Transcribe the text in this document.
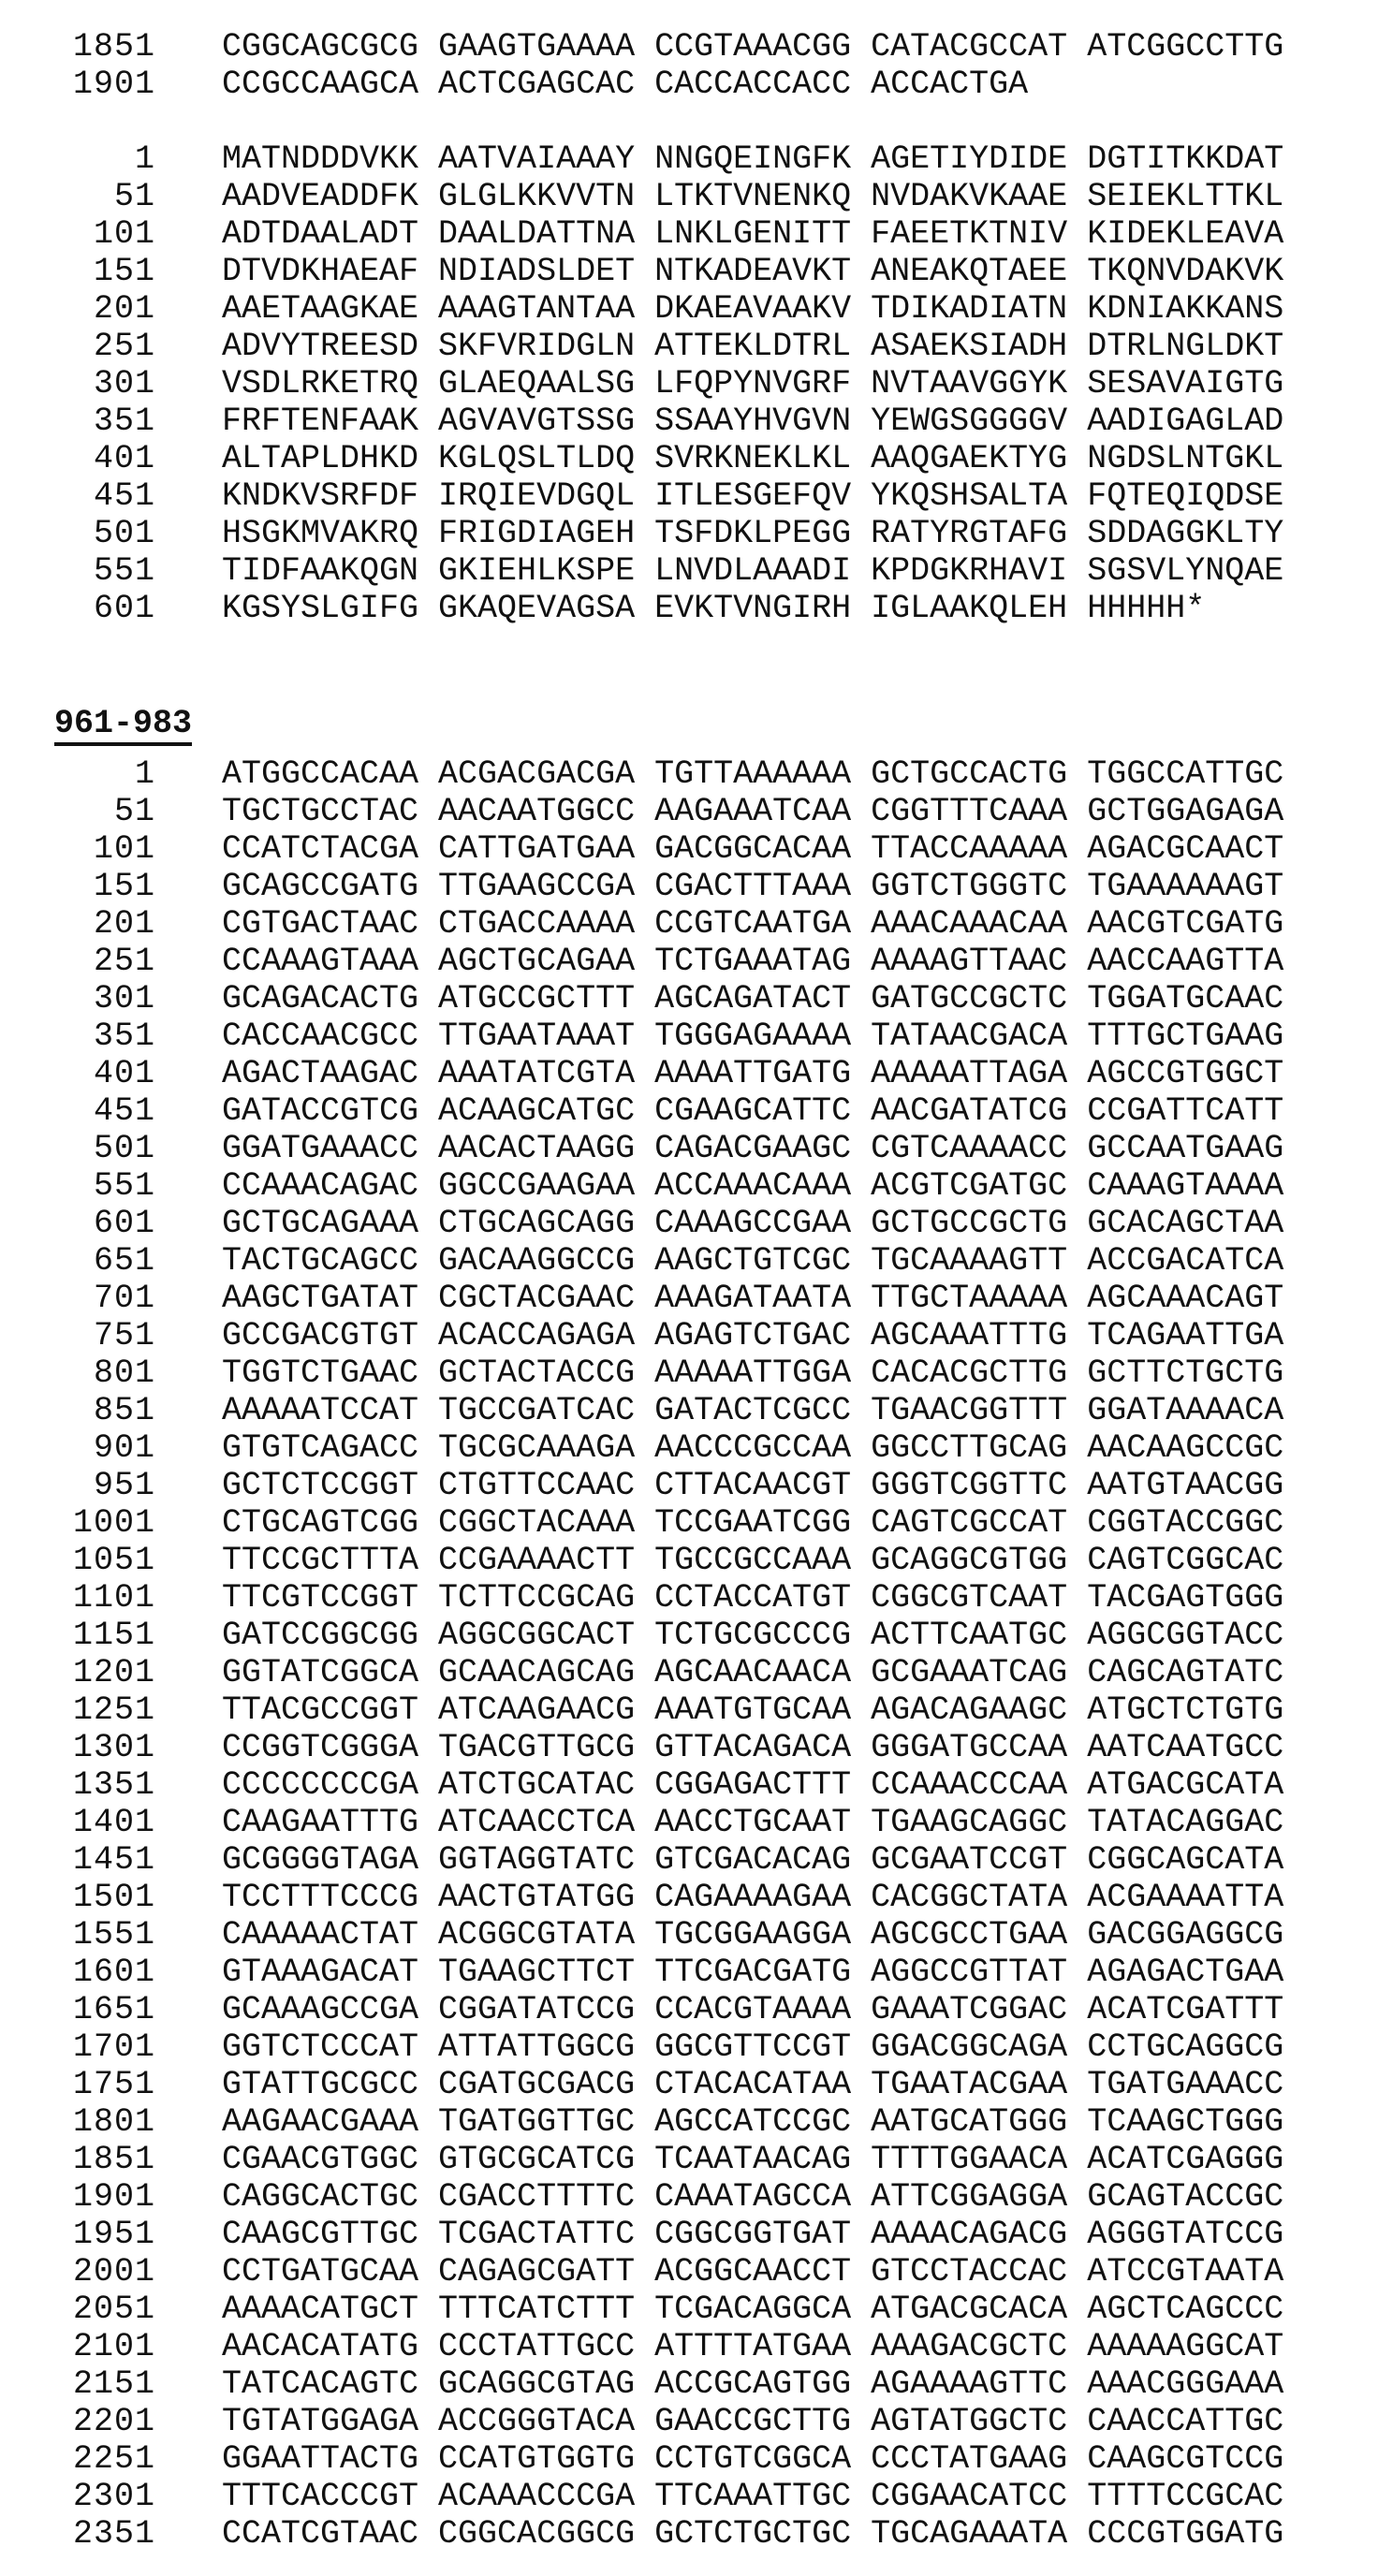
1851 CGGCAGCGCG GAAGTGAAAA CCGTAAACGG CATACGCCAT ATCGGCCTTG
1901 CCGCCAAGCA ACTCGAGCAC CACCACCACC ACCACTGA
1 MATNDDDVKK AATVAIAAAY NNGQEINGFK AGETIYDIDE DGTITKKDAT
51 AADVEADDFK GLGLKKVVTN LTKTVNENKQ NVDAKVKAAE SEIEKLTTKL
101 ADTDAALADT DAALDATTNA LNKLGENITT FAEETKTNIV KIDEKLEAVA
151 DTVDKHAEAF NDIADSLDET NTKADEAVKT ANEAKQTAEE TKQNVDAKVK
201 AAETAAGKAE AAAGTANTAA DKAEAVAAKV TDIKADIATN KDNIAKKANS
251 ADVYTREESD SKFVRIDGLN ATTEKLDTRL ASAEKSIADH DTRLNGLDKT
301 VSDLRKETRQ GLAEQAALSG LFQPYNVGRF NVTAAVGGYK SESAVAIGTG
351 FRFTENFAAK AGVAVGTSSG SSAAYHVGVN YEWGSGGGGV AADIGAGLAD
401 ALTAPLDHKD KGLQSLTLDQ SVRKNEKLKL AAQGAEKTYG NGDSLNTGKL
451 KNDKVSRFDF IRQIEVDGQL ITLESGEFQV YKQSHSALTA FQTEQIQDSE
501 HSGKMVAKRQ FRIGDIAGEH TSFDKLPEGG RATYRGTAFG SDDAGGKLTY
551 TIDFAAKQGN GKIEHLKSPE LNVDLAAADI KPDGKRHAVI SGSVLYNQAE
601 KGSYSLGIFG GKAQEVAGSA EVKTVNGIRH IGLAAKQLEH HHHHH*
961-983
1 ATGGCCACAA ACGACGACGA TGTTAAAAAA GCTGCCACTG TGGCCATTGC
51 TGCTGCCTAC AACAATGGCC AAGAAATCAA CGGTTTCAAA GCTGGAGAGA
101 CCATCTACGA CATTGATGAA GACGGCACAA TTACCAAAAA AGACGCAACT
151 GCAGCCGATG TTGAAGCCGA CGACTTTAAA GGTCTGGGTC TGAAAAAAGT
201 CGTGACTAAC CTGACCAAAA CCGTCAATGA AAACAAACAA AACGTCGATG
251 CCAAAGTAAA AGCTGCAGAA TCTGAAATAG AAAAGTTAAC AACCAAGTTA
301 GCAGACACTG ATGCCGCTTT AGCAGATACT GATGCCGCTC TGGATGCAAC
351 CACCAACGCC TTGAATAAAT TGGGAGAAAA TATAACGACA TTTGCTGAAG
401 AGACTAAGAC AAATATCGTA AAAATTGATG AAAAATTAGA AGCCGTGGCT
451 GATACCGTCG ACAAGCATGC CGAAGCATTC AACGATATCG CCGATTCATT
501 GGATGAAACC AACACTAAGG CAGACGAAGC CGTCAAAACC GCCAATGAAG
551 CCAAACAGAC GGCCGAAGAA ACCAAACAAA ACGTCGATGC CAAAGTAAAA
601 GCTGCAGAAA CTGCAGCAGG CAAAGCCGAA GCTGCCGCTG GCACAGCTAA
651 TACTGCAGCC GACAAGGCCG AAGCTGTCGC TGCAAAAGTT ACCGACATCA
701 AAGCTGATAT CGCTACGAAC AAAGATAATA TTGCTAAAAA AGCAAACAGT
751 GCCGACGTGT ACACCAGAGA AGAGTCTGAC AGCAAATTTG TCAGAATTGA
801 TGGTCTGAAC GCTACTACCG AAAAATTGGA CACACGCTTG GCTTCTGCTG
851 AAAAATCCAT TGCCGATCAC GATACTCGCC TGAACGGTTT GGATAAAACA
901 GTGTCAGACC TGCGCAAAGA AACCCGCCAA GGCCTTGCAG AACAAGCCGC
951 GCTCTCCGGT CTGTTCCAAC CTTACAACGT GGGTCGGTTC AATGTAACGG
1001 CTGCAGTCGG CGGCTACAAA TCCGAATCGG CAGTCGCCAT CGGTACCGGC
1051 TTCCGCTTTA CCGAAAACTT TGCCGCCAAA GCAGGCGTGG CAGTCGGCAC
1101 TTCGTCCGGT TCTTCCGCAG CCTACCATGT CGGCGTCAAT TACGAGTGGG
1151 GATCCGGCGG AGGCGGCACT TCTGCGCCCG ACTTCAATGC AGGCGGTACC
1201 GGTATCGGCA GCAACAGCAG AGCAACAACA GCGAAATCAG CAGCAGTATC
1251 TTACGCCGGT ATCAAGAACG AAATGTGCAA AGACAGAAGC ATGCTCTGTG
1301 CCGGTCGGGA TGACGTTGCG GTTACAGACA GGGATGCCAA AATCAATGCC
1351 CCCCCCCCGA ATCTGCATAC CGGAGACTTT CCAAACCCAA ATGACGCATA
1401 CAAGAATTTG ATCAACCTCA AACCTGCAAT TGAAGCAGGC TATACAGGAC
1451 GCGGGGTAGA GGTAGGTATC GTCGACACAG GCGAATCCGT CGGCAGCATA
1501 TCCTTTCCCG AACTGTATGG CAGAAAAGAA CACGGCTATA ACGAAAATTA
1551 CAAAAACTAT ACGGCGTATA TGCGGAAGGA AGCGCCTGAA GACGGAGGCG
1601 GTAAAGACAT TGAAGCTTCT TTCGACGATG AGGCCGTTAT AGAGACTGAA
1651 GCAAAGCCGA CGGATATCCG CCACGTAAAA GAAATCGGAC ACATCGATTT
1701 GGTCTCCCAT ATTATTGGCG GGCGTTCCGT GGACGGCAGA CCTGCAGGCG
1751 GTATTGCGCC CGATGCGACG CTACACATAA TGAATACGAA TGATGAAACC
1801 AAGAACGAAA TGATGGTTGC AGCCATCCGC AATGCATGGG TCAAGCTGGG
1851 CGAACGTGGC GTGCGCATCG TCAATAACAG TTTTGGAACA ACATCGAGGG
1901 CAGGCACTGC CGACCTTTTC CAAATAGCCA ATTCGGAGGA GCAGTACCGC
1951 CAAGCGTTGC TCGACTATTC CGGCGGTGAT AAAACAGACG AGGGTATCCG
2001 CCTGATGCAA CAGAGCGATT ACGGCAACCT GTCCTACCAC ATCCGTAATA
2051 AAAACATGCT TTTCATCTTT TCGACAGGCA ATGACGCACA AGCTCAGCCC
2101 AACACATATG CCCTATTGCC ATTTTATGAA AAAGACGCTC AAAAAGGCAT
2151 TATCACAGTC GCAGGCGTAG ACCGCAGTGG AGAAAAGTTC AAACGGGAAA
2201 TGTATGGAGA ACCGGGTACA GAACCGCTTG AGTATGGCTC CAACCATTGC
2251 GGAATTACTG CCATGTGGTG CCTGTCGGCA CCCTATGAAG CAAGCGTCCG
2301 TTTCACCCGT ACAAACCCGA TTCAAATTGC CGGAACATCC TTTTCCGCAC
2351 CCATCGTAAC CGGCACGGCG GCTCTGCTGC TGCAGAAATA CCCGTGGATG
